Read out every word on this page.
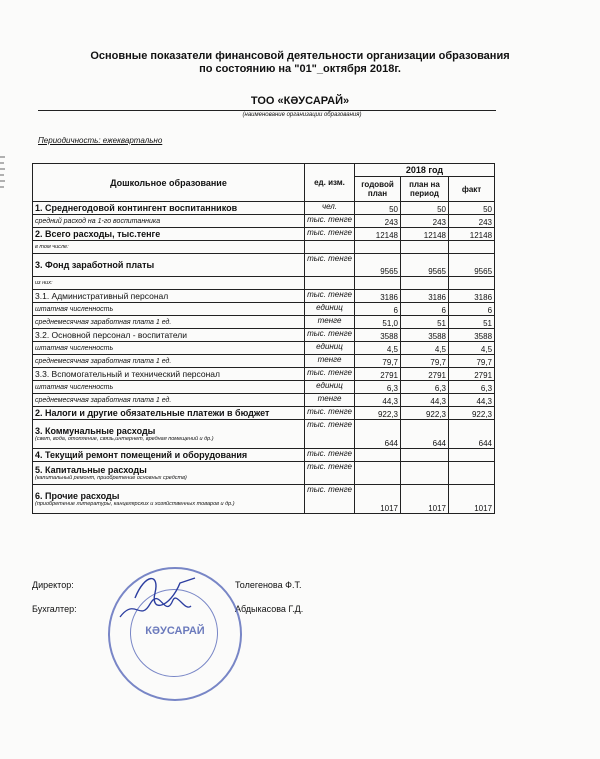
Основные показатели финансовой деятельности организации образования
по состоянию на "01"_октября 2018г.
ТОО «КӘУСАРАЙ»
(наименование организации образования)
Периодичность: ежеквартально
Дошкольное образование	ед. изм.	2018 год		
		годовой план	план на период	факт

1. Среднегодовой контингент воспитанников	чел.	50	50	50

средний расход на 1-го воспитанника	тыс. тенге	243	243	243

2. Всего расходы, тыс.тенге	тыс. тенге	12148	12148	12148

в том числе:				

3. Фонд заработной платы	тыс. тенге	9565	9565	9565

из них:				

3.1. Административный персонал	тыс. тенге	3186	3186	3186

штатная численность	единиц	6	6	6

среднемесячная заработная плата 1 ед.	тенге	51,0	51	51

3.2. Основной персонал - воспитатели	тыс. тенге	3588	3588	3588

штатная численность	единиц	4,5	4,5	4,5

среднемесячная заработная плата 1 ед.	тенге	79,7	79,7	79,7

3.3. Вспомогательный и технический персонал	тыс. тенге	2791	2791	2791

штатная численность	единиц	6,3	6,3	6,3

среднемесячная заработная плата 1 ед.	тенге	44,3	44,3	44,3

2. Налоги и другие обязательные платежи в бюджет	тыс. тенге	922,3	922,3	922,3

3. Коммунальные расходы
(свет, вода, отопление, связь,интернет, вредная помещений и др.)	тыс. тенге	644	644	644

4. Текущий ремонт помещений и оборудования	тыс. тенге			

5. Капитальные расходы
(капитальный ремонт, приобретение основных средств)	тыс. тенге			

6. Прочие расходы
(приобретение литературы, канцелярских и хозяйственных товаров и др.)	тыс. тенге	1017	1017	1017
Директор:	Толегенова Ф.Т.
Бухгалтер:	Абдыкасова Г.Д.
КӘУСАРАЙ
